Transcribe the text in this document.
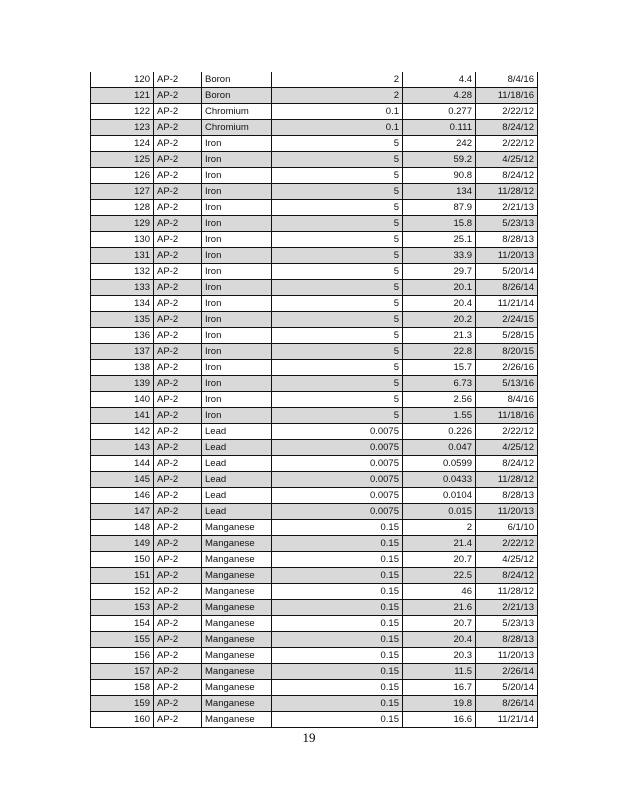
120	AP-2	Boron	2	4.4	8/4/16
121	AP-2	Boron	2	4.28	11/18/16
122	AP-2	Chromium	0.1	0.277	2/22/12
123	AP-2	Chromium	0.1	0.111	8/24/12
124	AP-2	Iron	5	242	2/22/12
125	AP-2	Iron	5	59.2	4/25/12
126	AP-2	Iron	5	90.8	8/24/12
127	AP-2	Iron	5	134	11/28/12
128	AP-2	Iron	5	87.9	2/21/13
129	AP-2	Iron	5	15.8	5/23/13
130	AP-2	Iron	5	25.1	8/28/13
131	AP-2	Iron	5	33.9	11/20/13
132	AP-2	Iron	5	29.7	5/20/14
133	AP-2	Iron	5	20.1	8/26/14
134	AP-2	Iron	5	20.4	11/21/14
135	AP-2	Iron	5	20.2	2/24/15
136	AP-2	Iron	5	21.3	5/28/15
137	AP-2	Iron	5	22.8	8/20/15
138	AP-2	Iron	5	15.7	2/26/16
139	AP-2	Iron	5	6.73	5/13/16
140	AP-2	Iron	5	2.56	8/4/16
141	AP-2	Iron	5	1.55	11/18/16
142	AP-2	Lead	0.0075	0.226	2/22/12
143	AP-2	Lead	0.0075	0.047	4/25/12
144	AP-2	Lead	0.0075	0.0599	8/24/12
145	AP-2	Lead	0.0075	0.0433	11/28/12
146	AP-2	Lead	0.0075	0.0104	8/28/13
147	AP-2	Lead	0.0075	0.015	11/20/13
148	AP-2	Manganese	0.15	2	6/1/10
149	AP-2	Manganese	0.15	21.4	2/22/12
150	AP-2	Manganese	0.15	20.7	4/25/12
151	AP-2	Manganese	0.15	22.5	8/24/12
152	AP-2	Manganese	0.15	46	11/28/12
153	AP-2	Manganese	0.15	21.6	2/21/13
154	AP-2	Manganese	0.15	20.7	5/23/13
155	AP-2	Manganese	0.15	20.4	8/28/13
156	AP-2	Manganese	0.15	20.3	11/20/13
157	AP-2	Manganese	0.15	11.5	2/26/14
158	AP-2	Manganese	0.15	16.7	5/20/14
159	AP-2	Manganese	0.15	19.8	8/26/14
160	AP-2	Manganese	0.15	16.6	11/21/14
19
